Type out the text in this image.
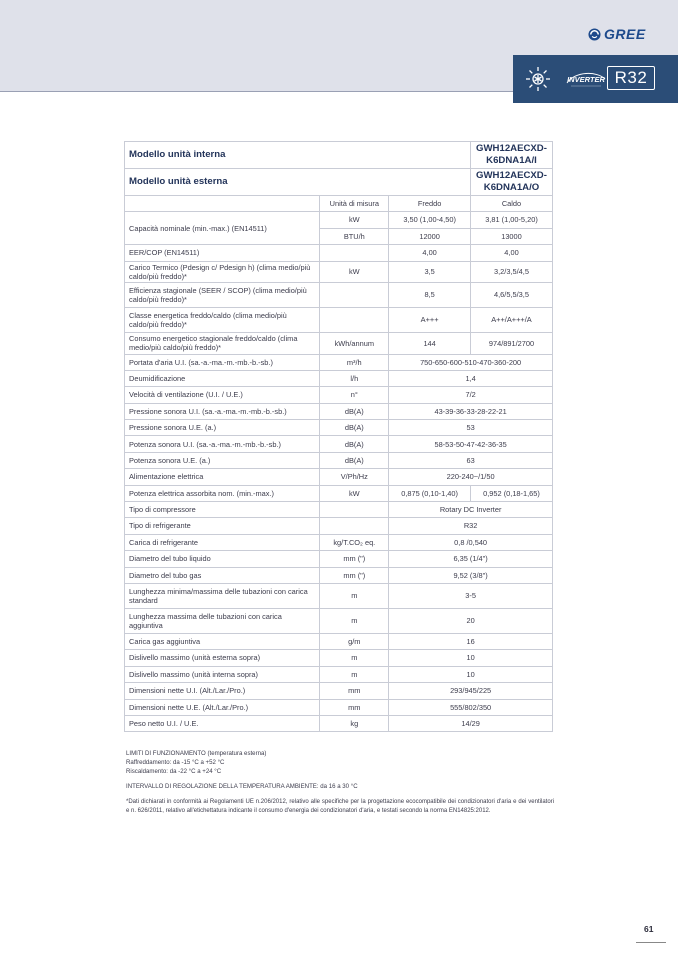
GREE
INVERTER R32
Modello unità interna			GWH12AECXD-K6DNA1A/I
Modello unità esterna			GWH12AECXD-K6DNA1A/O
	Unità di misura	Freddo	Caldo
Capacità nominale (min.-max.) (EN14511)	kW	3,50 (1,00-4,50)	3,81 (1,00-5,20)
	BTU/h	12000	13000
EER/COP (EN14511)		4,00	4,00
Carico Termico (Pdesign c/ Pdesign h) (clima medio/più caldo/più freddo)*	kW	3,5	3,2/3,5/4,5
Efficienza stagionale (SEER / SCOP) (clima medio/più caldo/più freddo)*		8,5	4,6/5,5/3,5
Classe energetica freddo/caldo (clima medio/più caldo/più freddo)*		A+++	A++/A+++/A
Consumo energetico stagionale freddo/caldo (clima medio/più caldo/più freddo)*	kWh/annum	144	974/891/2700
Portata d'aria U.I. (sa.-a.-ma.-m.-mb.-b.-sb.)	m³/h	750-650-600-510-470-360-200	
Deumidificazione	l/h	1,4	
Velocità di ventilazione (U.I. / U.E.)	n°	7/2	
Pressione sonora U.I. (sa.-a.-ma.-m.-mb.-b.-sb.)	dB(A)	43-39-36-33-28-22-21	
Pressione sonora U.E. (a.)	dB(A)	53	
Potenza sonora U.I. (sa.-a.-ma.-m.-mb.-b.-sb.)	dB(A)	58-53-50-47-42-36-35	
Potenza sonora U.E. (a.)	dB(A)	63	
Alimentazione elettrica	V/Ph/Hz	220-240~/1/50	
Potenza elettrica assorbita nom. (min.-max.)	kW	0,875 (0,10-1,40)	0,952 (0,18-1,65)
Tipo di compressore		Rotary DC Inverter	
Tipo di refrigerante		R32	
Carica di refrigerante	kg/T.CO₂ eq.	0,8 /0,540	
Diametro del tubo liquido	mm (")	6,35 (1/4")	
Diametro del tubo gas	mm (")	9,52 (3/8")	
Lunghezza minima/massima delle tubazioni con carica standard	m	3-5	
Lunghezza massima delle tubazioni con carica aggiuntiva	m	20	
Carica gas aggiuntiva	g/m	16	
Dislivello massimo (unità esterna sopra)	m	10	
Dislivello massimo (unità interna sopra)	m	10	
Dimensioni nette U.I. (Alt./Lar./Pro.)	mm	293/945/225	
Dimensioni nette U.E. (Alt./Lar./Pro.)	mm	555/802/350	
Peso netto U.I. / U.E.	kg	14/29	

LIMITI DI FUNZIONAMENTO (temperatura esterna)

Raffreddamento: da -15 °C a +52 °C

Riscaldamento: da -22 °C a +24 °C

INTERVALLO DI REGOLAZIONE DELLA TEMPERATURA AMBIENTE: da 16 a 30 °C

*Dati dichiarati in conformità ai Regolamenti UE n.206/2012, relativo alle specifiche per la progettazione ecocompatibile dei condizionatori d'aria e dei ventilatori e n. 626/2011, relativo all'etichettatura indicante il consumo d'energia dei condizionatori d'aria, e testati secondo la norma EN14825:2012.

61
